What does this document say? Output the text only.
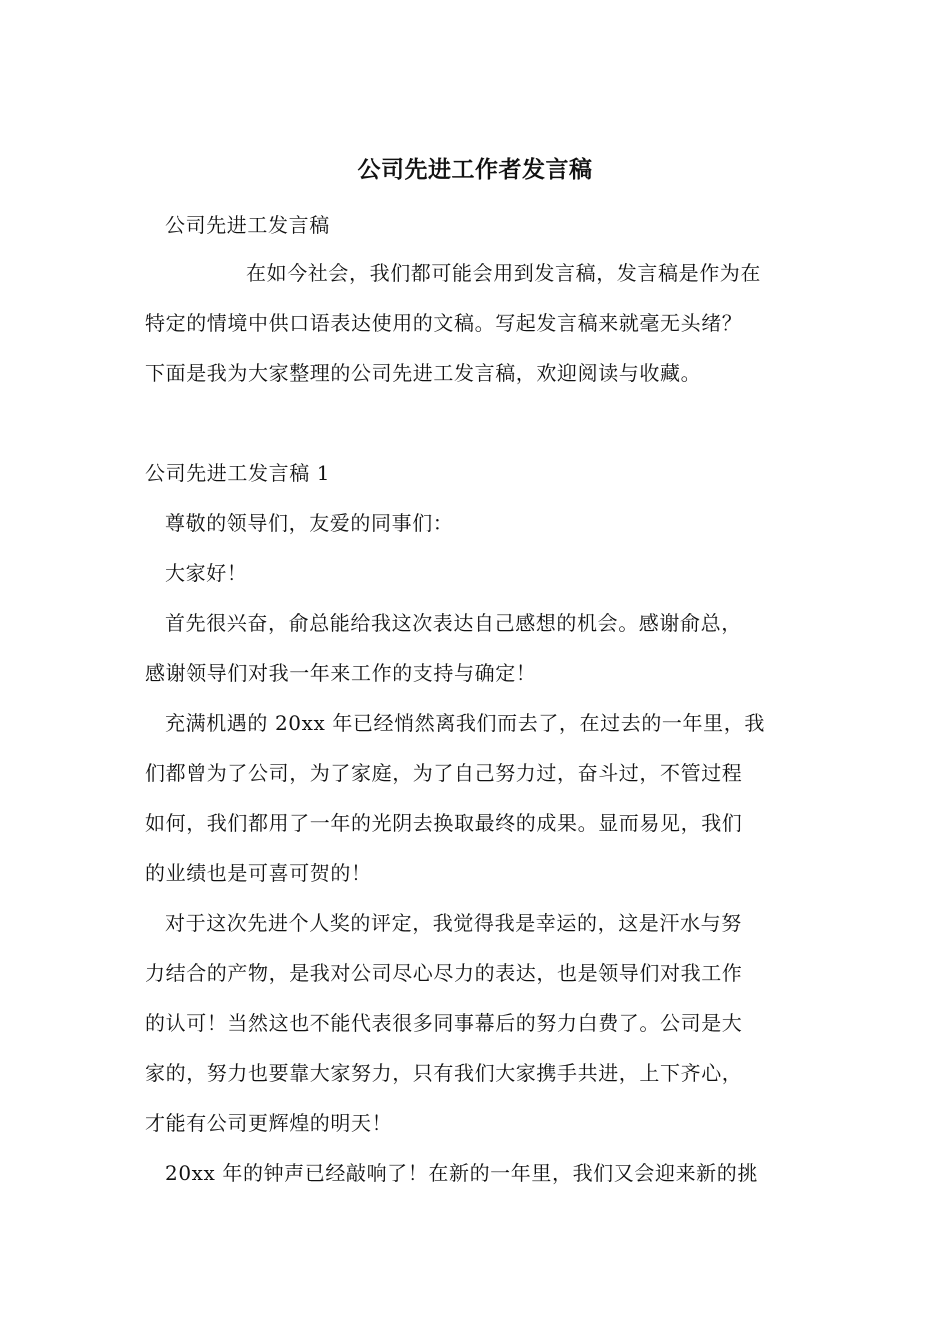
公司先进工作者发言稿
公司先进工发言稿
在如今社会，我们都可能会用到发言稿，发言稿是作为在
特定的情境中供口语表达使用的文稿。写起发言稿来就毫无头绪？
下面是我为大家整理的公司先进工发言稿，欢迎阅读与收藏。
公司先进工发言稿 1
尊敬的领导们，友爱的同事们：
大家好！
首先很兴奋，俞总能给我这次表达自己感想的机会。感谢俞总，
感谢领导们对我一年来工作的支持与确定！
充满机遇的 20xx 年已经悄然离我们而去了，在过去的一年里，我
们都曾为了公司，为了家庭，为了自己努力过，奋斗过，不管过程
如何，我们都用了一年的光阴去换取最终的成果。显而易见，我们
的业绩也是可喜可贺的！
对于这次先进个人奖的评定，我觉得我是幸运的，这是汗水与努
力结合的产物，是我对公司尽心尽力的表达，也是领导们对我工作
的认可！当然这也不能代表很多同事幕后的努力白费了。公司是大
家的，努力也要靠大家努力，只有我们大家携手共进，上下齐心，
才能有公司更辉煌的明天！
20xx 年的钟声已经敲响了！在新的一年里，我们又会迎来新的挑
